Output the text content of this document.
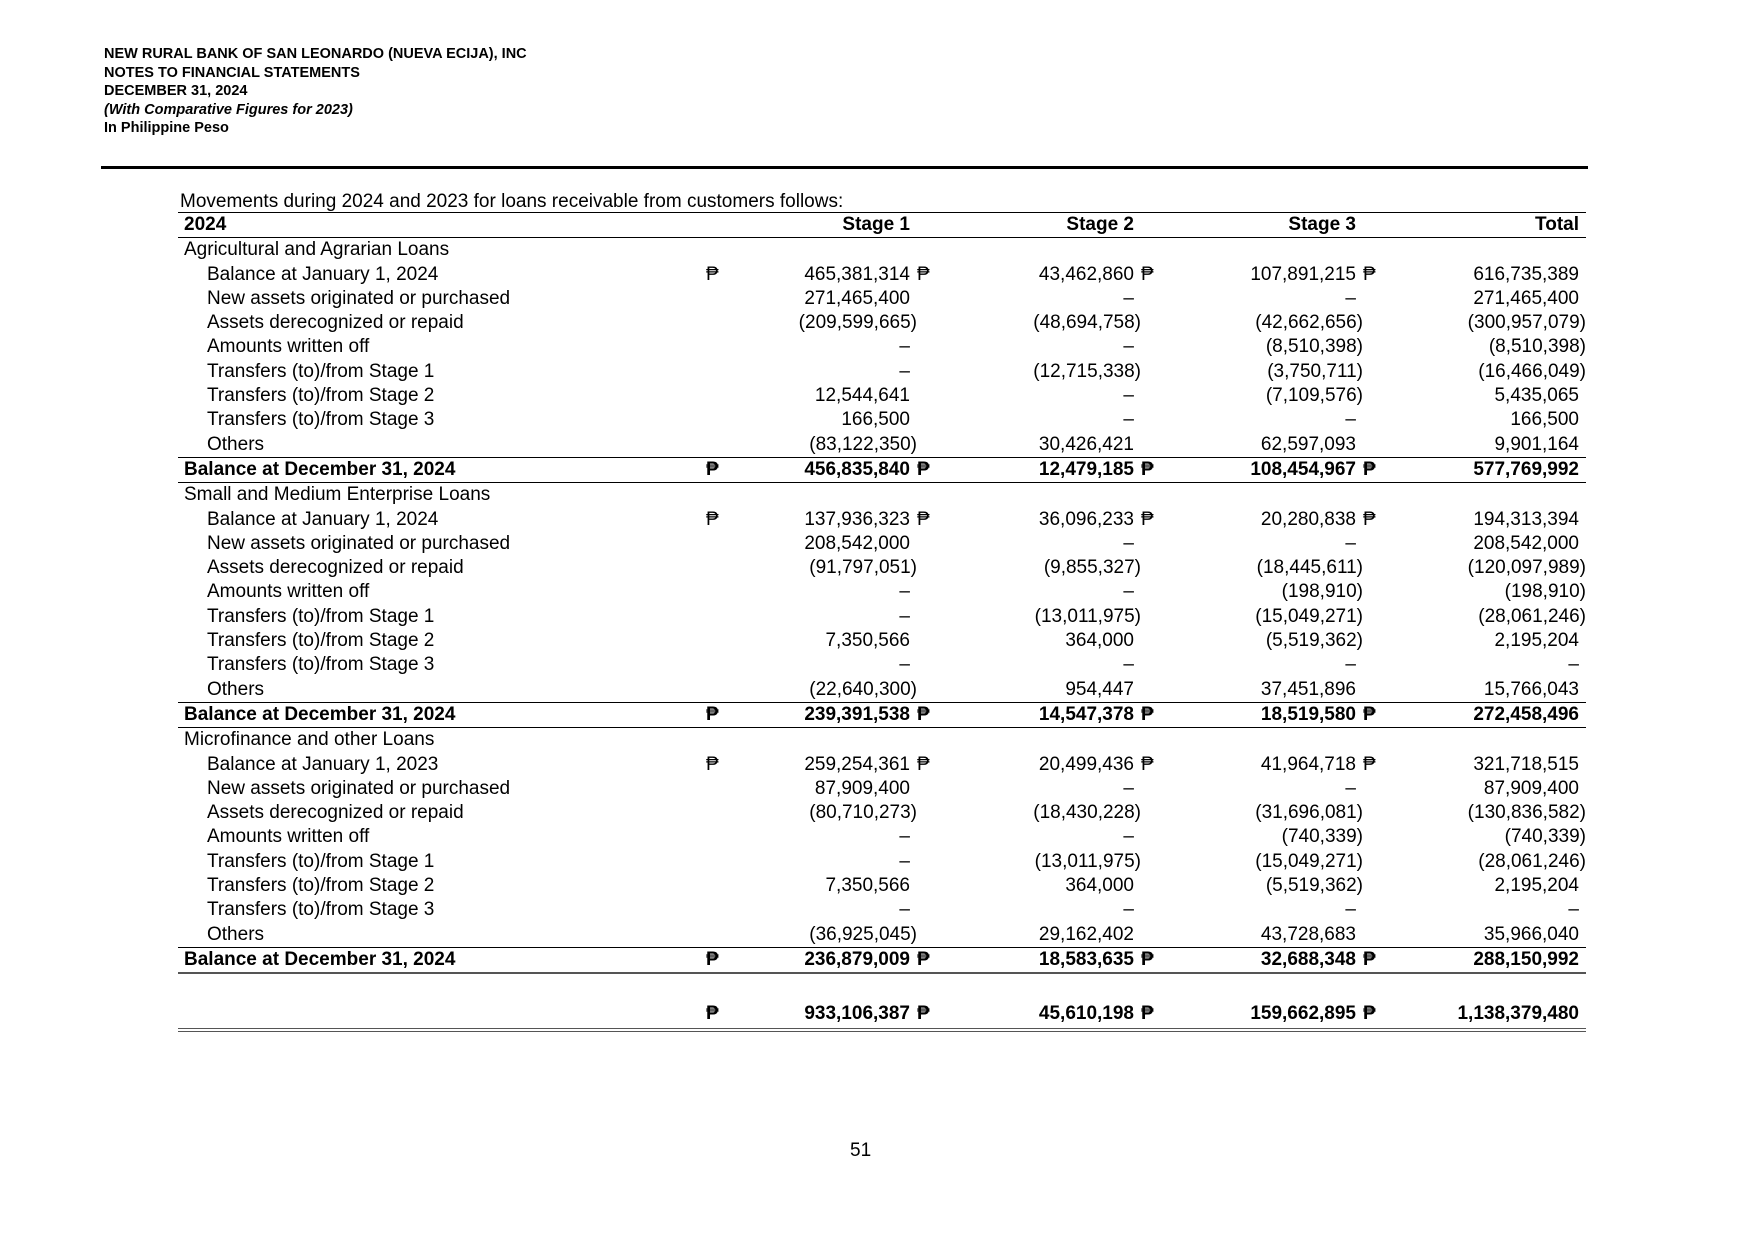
NEW RURAL BANK OF SAN LEONARDO (NUEVA ECIJA), INC
NOTES TO FINANCIAL STATEMENTS
DECEMBER 31, 2024
(With Comparative Figures for 2023)
In Philippine Peso
Movements during 2024 and 2023 for loans receivable from customers follows:
2024		Stage 1		Stage 2		Stage 3		Total
Agricultural and Agrarian Loans								
Balance at January 1, 2024	₱	465,381,314	₱	43,462,860	₱	107,891,215	₱	616,735,389
New assets originated or purchased		271,465,400		–		–		271,465,400
Assets derecognized or repaid		(209,599,665)		(48,694,758)		(42,662,656)		(300,957,079)
Amounts written off		–		–		(8,510,398)		(8,510,398)
Transfers (to)/from Stage 1		–		(12,715,338)		(3,750,711)		(16,466,049)
Transfers (to)/from Stage 2		12,544,641		–		(7,109,576)		5,435,065
Transfers (to)/from Stage 3		166,500		–		–		166,500
Others		(83,122,350)		30,426,421		62,597,093		9,901,164
Balance at December 31, 2024	₱	456,835,840	₱	12,479,185	₱	108,454,967	₱	577,769,992
Small and Medium Enterprise Loans								
Balance at January 1, 2024	₱	137,936,323	₱	36,096,233	₱	20,280,838	₱	194,313,394
New assets originated or purchased		208,542,000		–		–		208,542,000
Assets derecognized or repaid		(91,797,051)		(9,855,327)		(18,445,611)		(120,097,989)
Amounts written off		–		–		(198,910)		(198,910)
Transfers (to)/from Stage 1		–		(13,011,975)		(15,049,271)		(28,061,246)
Transfers (to)/from Stage 2		7,350,566		364,000		(5,519,362)		2,195,204
Transfers (to)/from Stage 3		–		–		–		–
Others		(22,640,300)		954,447		37,451,896		15,766,043
Balance at December 31, 2024	₱	239,391,538	₱	14,547,378	₱	18,519,580	₱	272,458,496
Microfinance and other Loans								
Balance at January 1, 2023	₱	259,254,361	₱	20,499,436	₱	41,964,718	₱	321,718,515
New assets originated or purchased		87,909,400		–		–		87,909,400
Assets derecognized or repaid		(80,710,273)		(18,430,228)		(31,696,081)		(130,836,582)
Amounts written off		–		–		(740,339)		(740,339)
Transfers (to)/from Stage 1		–		(13,011,975)		(15,049,271)		(28,061,246)
Transfers (to)/from Stage 2		7,350,566		364,000		(5,519,362)		2,195,204
Transfers (to)/from Stage 3		–		–		–		–
Others		(36,925,045)		29,162,402		43,728,683		35,966,040
Balance at December 31, 2024	₱	236,879,009	₱	18,583,635	₱	32,688,348	₱	288,150,992

	₱	933,106,387	₱	45,610,198	₱	159,662,895	₱	1,138,379,480
51
